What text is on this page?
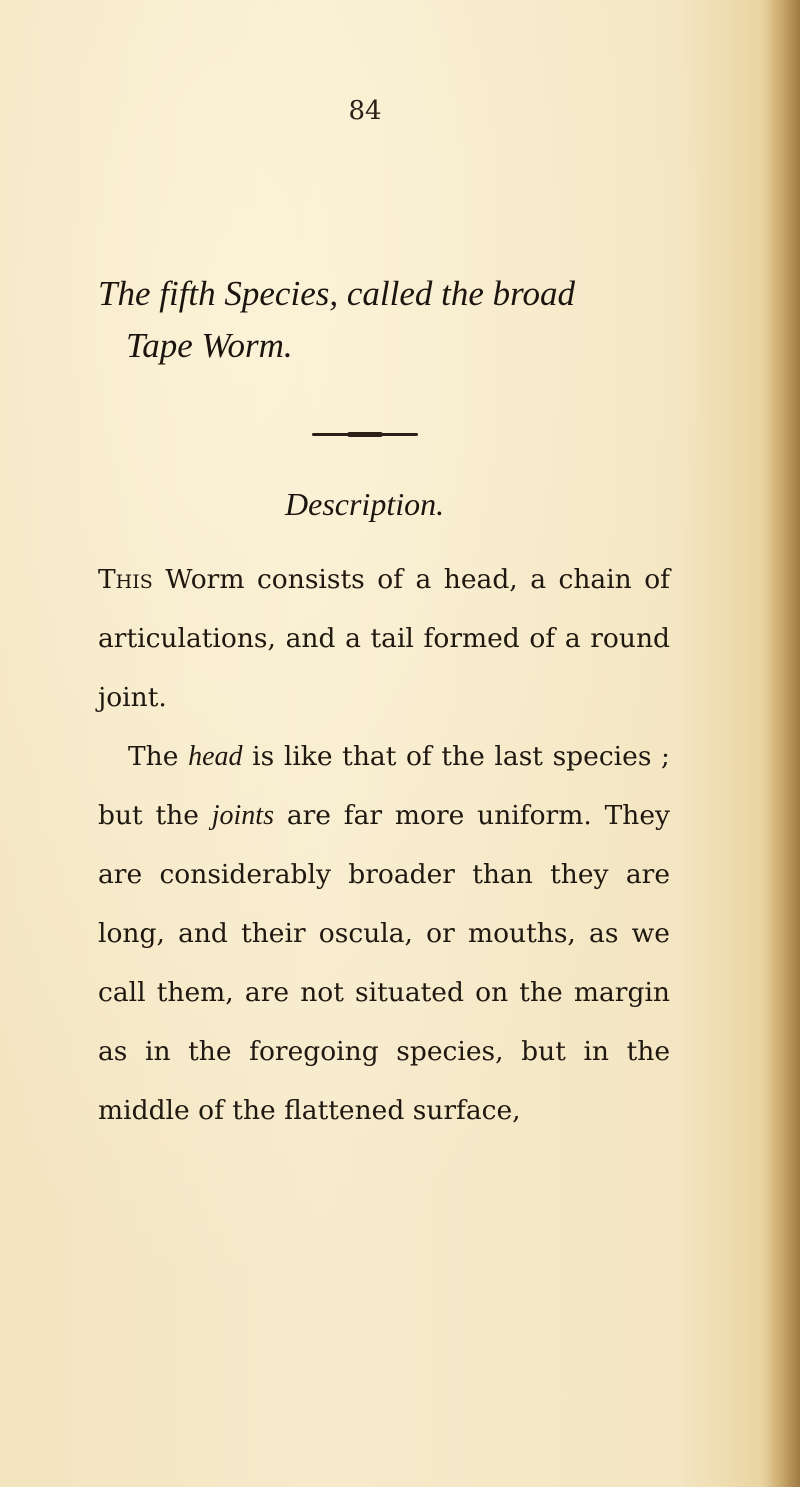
84
The fifth Species, called the broad
Tape Worm.
Description.

This Worm consists of a head, a chain of articulations, and a tail formed of a round joint.

The head is like that of the last species ; but the joints are far more uniform. They are considerably broader than they are long, and their oscula, or mouths, as we call them, are not situated on the margin as in the foregoing species, but in the middle of the flattened surface,
